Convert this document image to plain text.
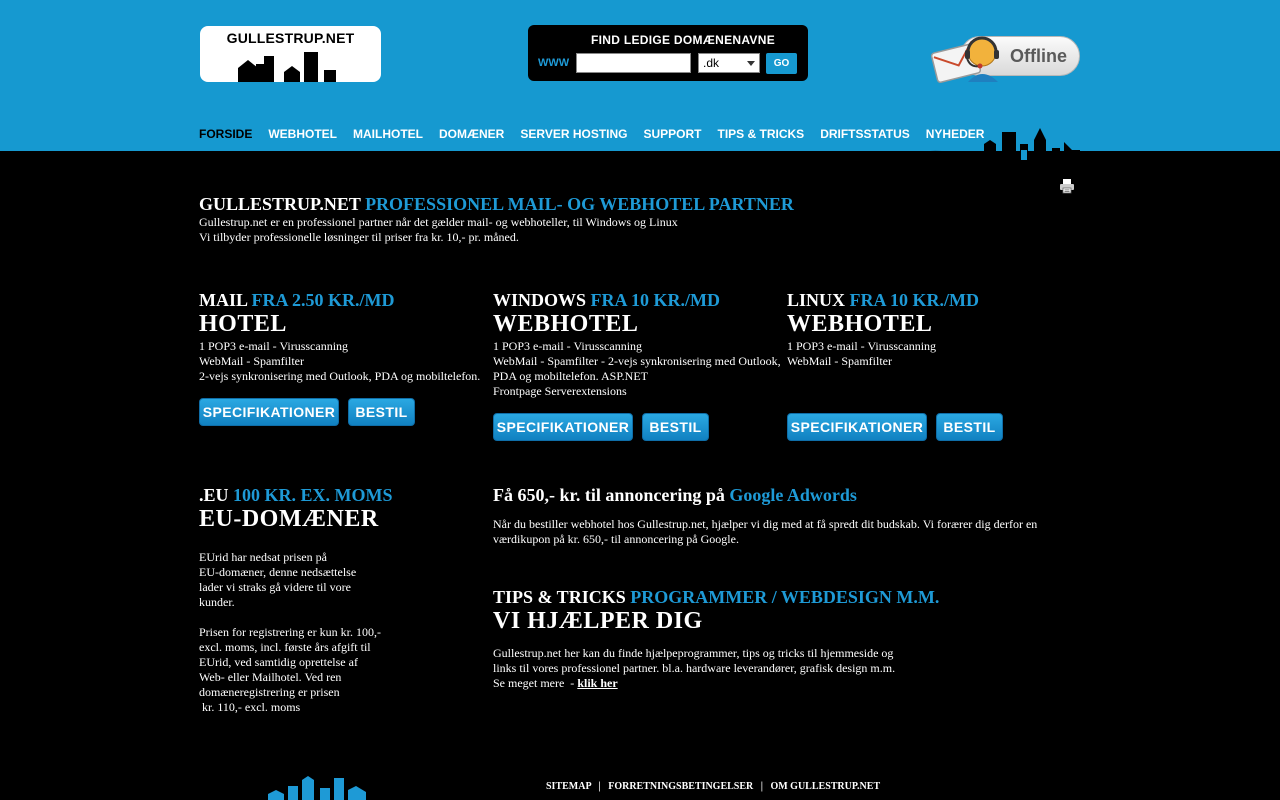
GULLESTRUP.NET	FIND LEDIGE DOMÆNENAVNE
WWW	.dk	GO	Offline
FORSIDE WEBHOTEL MAILHOTEL DOMÆNER SERVER HOSTING SUPPORT TIPS & TRICKS DRIFTSSTATUS NYHEDER
GULLESTRUP.NET PROFESSIONEL MAIL- OG WEBHOTEL PARTNER
Gullestrup.net er en professionel partner når det gælder mail- og webhoteller, til Windows og Linux
Vi tilbyder professionelle løsninger til priser fra kr. 10,- pr. måned.
MAIL FRA 2.50 KR./MD
HOTEL
1 POP3 e-mail - Virusscanning
WebMail - Spamfilter
2-vejs synkronisering med Outlook, PDA og mobiltelefon.
SPECIFIKATIONER	BESTIL
WINDOWS FRA 10 KR./MD
WEBHOTEL
1 POP3 e-mail - Virusscanning
WebMail - Spamfilter - 2-vejs synkronisering med Outlook,
PDA og mobiltelefon. ASP.NET
Frontpage Serverextensions
SPECIFIKATIONER	BESTIL
LINUX FRA 10 KR./MD
WEBHOTEL
1 POP3 e-mail - Virusscanning
WebMail - Spamfilter
SPECIFIKATIONER	BESTIL
.EU 100 KR. EX. MOMS
EU-DOMÆNER
EUrid har nedsat prisen på
EU-domæner, denne nedsættelse
lader vi straks gå videre til vore
kunder.
Prisen for registrering er kun kr. 100,-
excl. moms, incl. første års afgift til
EUrid, ved samtidig oprettelse af
Web- eller Mailhotel. Ved ren
domæneregistrering er prisen
kr. 110,- excl. moms
Få 650,- kr. til annoncering på Google Adwords
Når du bestiller webhotel hos Gullestrup.net, hjælper vi dig med at få spredt dit budskab. Vi forærer dig derfor en
værdikupon på kr. 650,- til annoncering på Google.
TIPS & TRICKS PROGRAMMER / WEBDESIGN M.M.
VI HJÆLPER DIG
Gullestrup.net her kan du finde hjælpeprogrammer, tips og tricks til hjemmeside og
links til vores professionel partner. bl.a. hardware leverandører, grafisk design m.m.
Se meget mere  - klik her
SITEMAP | FORRETNINGSBETINGELSER | OM GULLESTRUP.NET
